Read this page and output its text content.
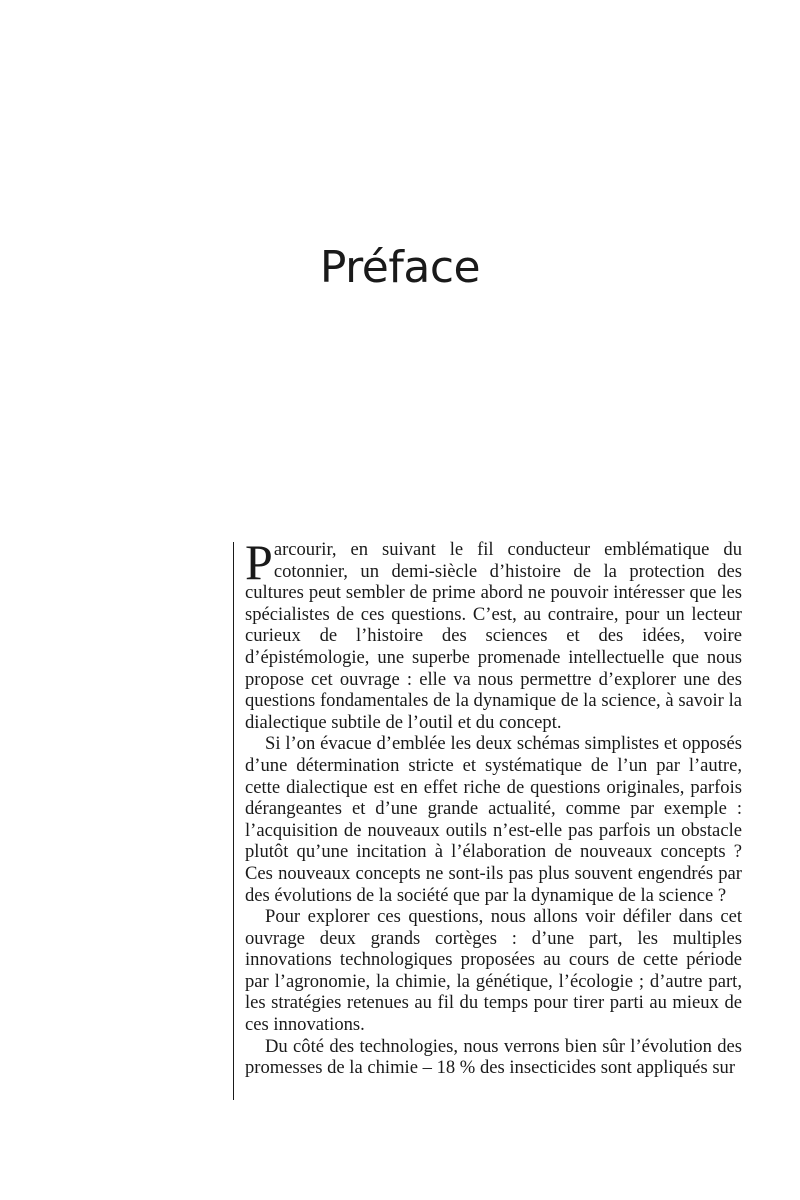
Préface

Parcourir, en suivant le fil conducteur emblématique du cotonnier, un demi-siècle d’histoire de la protection des cultures peut sembler de prime abord ne pouvoir intéresser que les spécialistes de ces questions. C’est, au contraire, pour un lecteur curieux de l’histoire des sciences et des idées, voire d’épistémologie, une superbe promenade intellectuelle que nous propose cet ouvrage : elle va nous permettre d’explorer une des questions fondamentales de la dynamique de la science, à savoir la dialectique subtile de l’outil et du concept.

Si l’on évacue d’emblée les deux schémas simplistes et opposés d’une détermination stricte et systématique de l’un par l’autre, cette dialectique est en effet riche de questions originales, parfois dérangeantes et d’une grande actualité, comme par exemple : l’acquisition de nouveaux outils n’est-elle pas parfois un obstacle plutôt qu’une incitation à l’élaboration de nouveaux concepts ? Ces nouveaux concepts ne sont-ils pas plus souvent engendrés par des évolutions de la société que par la dynamique de la science ?

Pour explorer ces questions, nous allons voir défiler dans cet ouvrage deux grands cortèges : d’une part, les multiples innovations technologiques proposées au cours de cette période par l’agronomie, la chimie, la génétique, l’écologie ; d’autre part, les stratégies retenues au fil du temps pour tirer parti au mieux de ces innovations.

Du côté des technologies, nous verrons bien sûr l’évolution des promesses de la chimie – 18 % des insecticides sont appliqués sur
